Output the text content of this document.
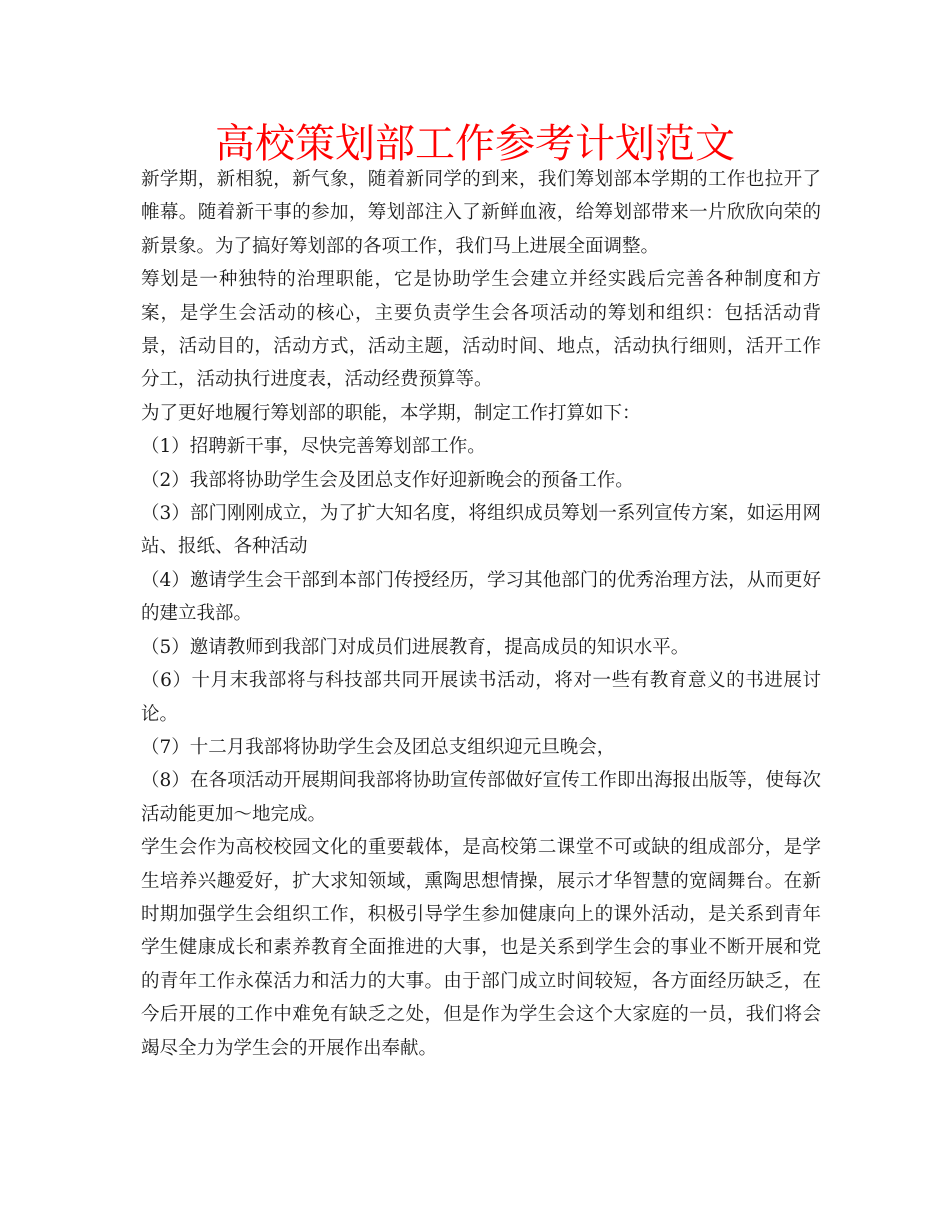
高校策划部工作参考计划范文

新学期，新相貌，新气象，随着新同学的到来，我们筹划部本学期的工作也拉开了帷幕。随着新干事的参加，筹划部注入了新鲜血液，给筹划部带来一片欣欣向荣的新景象。为了搞好筹划部的各项工作，我们马上进展全面调整。

筹划是一种独特的治理职能，它是协助学生会建立并经实践后完善各种制度和方案，是学生会活动的核心，主要负责学生会各项活动的筹划和组织：包括活动背景，活动目的，活动方式，活动主题，活动时间、地点，活动执行细则，活开工作分工，活动执行进度表，活动经费预算等。

为了更好地履行筹划部的职能，本学期，制定工作打算如下：

（1）招聘新干事，尽快完善筹划部工作。

（2）我部将协助学生会及团总支作好迎新晚会的预备工作。

（3）部门刚刚成立，为了扩大知名度，将组织成员筹划一系列宣传方案，如运用网站、报纸、各种活动

（4）邀请学生会干部到本部门传授经历，学习其他部门的优秀治理方法，从而更好的建立我部。

（5）邀请教师到我部门对成员们进展教育，提高成员的知识水平。

（6）十月末我部将与科技部共同开展读书活动，将对一些有教育意义的书进展讨论。

（7）十二月我部将协助学生会及团总支组织迎元旦晚会，

（8）在各项活动开展期间我部将协助宣传部做好宣传工作即出海报出版等，使每次活动能更加～地完成。

学生会作为高校校园文化的重要载体，是高校第二课堂不可或缺的组成部分，是学生培养兴趣爱好，扩大求知领域，熏陶思想情操，展示才华智慧的宽阔舞台。在新时期加强学生会组织工作，积极引导学生参加健康向上的课外活动，是关系到青年学生健康成长和素养教育全面推进的大事，也是关系到学生会的事业不断开展和党的青年工作永葆活力和活力的大事。由于部门成立时间较短，各方面经历缺乏，在今后开展的工作中难免有缺乏之处，但是作为学生会这个大家庭的一员，我们将会竭尽全力为学生会的开展作出奉献。
